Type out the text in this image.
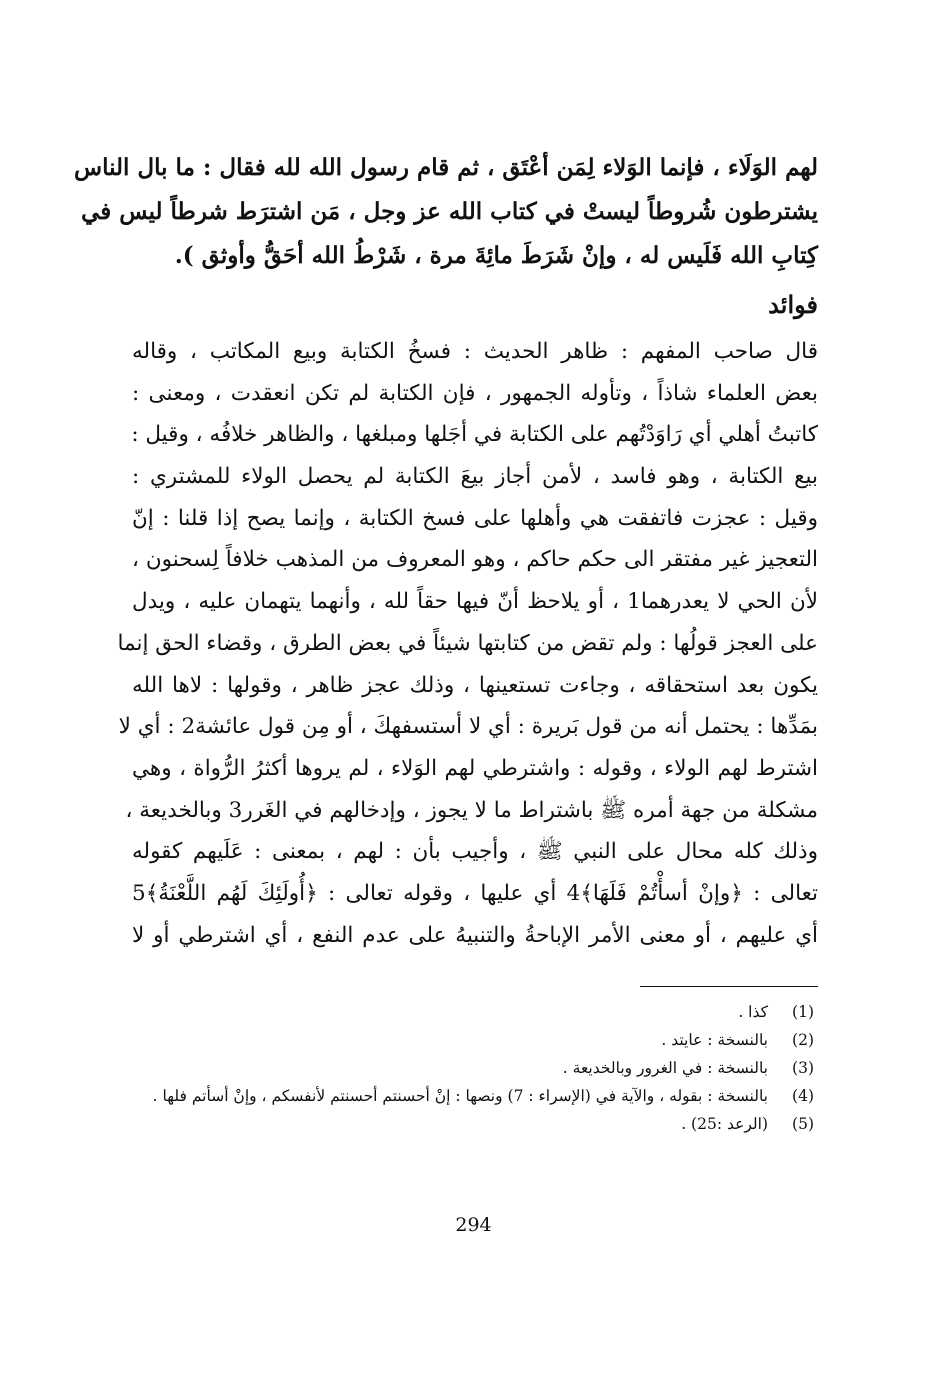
لهم الوَلَاء ، فإنما الوَلاء لِمَن أعْتَق ، ثم قام رسول الله لله فقال : ما بال الناس
يشترطون شُروطاً ليستْ في كتاب الله عز وجل ، مَن اشترَط شرطاً ليس في
كِتابِ الله فَلَيس له ، وإنْ شَرَطَ مائِةَ مرة ، شَرْطُ الله أحَقُّ وأوثق ).
فوائد
قال صاحب المفهم : ظاهر الحديث : فسخُ الكتابة وبيع المكاتب ، وقاله
بعض العلماء شاذاً ، وتأوله الجمهور ، فإن الكتابة لم تكن انعقدت ، ومعنى :
كاتبتُ أهلي أي رَاوَدْتُهم على الكتابة في أجَلها ومبلغها ، والظاهر خلافُه ، وقيل :
بيع الكتابة ، وهو فاسد ، لأمن أجاز بيعَ الكتابة لم يحصل الولاء للمشتري :
وقيل : عجزت فاتفقت هي وأهلها على فسخ الكتابة ، وإنما يصح إذا قلنا : إنّ
التعجيز غير مفتقر الى حكم حاكم ، وهو المعروف من المذهب خلافاً لِسحنون ،
لأن الحي لا يعدرهما1 ، أو يلاحظ أنّ فيها حقاً لله ، وأنهما يتهمان عليه ، ويدل
على العجز قولُها : ولم تقض من كتابتها شيئاً في بعض الطرق ، وقضاء الحق إنما
يكون بعد استحقاقه ، وجاءت تستعينها ، وذلك عجز ظاهر ، وقولها : لاها الله
بمَدِّها : يحتمل أنه من قول بَريرة : أي لا أستسفهكَ ، أو مِن قول عائشة2 : أي لا
اشترط لهم الولاء ، وقوله : واشترطي لهم الوَلاء ، لم يروها أكثرُ الرُّواة ، وهي
مشكلة من جهة أمره ﷺ باشتراط ما لا يجوز ، وإدخالهم في الغَرر3 وبالخديعة ،
وذلك كله محال على النبي ﷺ ، وأجيب بأن : لهم ، بمعنى : عَلَيهم كقوله
تعالى : ﴿وإنْ أسأْتُمْ فَلَهَا﴾4 أي عليها ، وقوله تعالى : ﴿أُولَئِكَ لَهُم اللَّعْنَةُ﴾5
أي عليهم ، أو معنى الأمر الإباحةُ والتنبيهُ على عدم النفع ، أي اشترطي أو لا
(1)
كذا .
(2)
بالنسخة : عايتد .
(3)
بالنسخة : في الغرور وبالخديعة .
(4)
بالنسخة : بقوله ، والآية في (الإسراء : 7) ونصها : إنْ أحسنتم أحسنتم لأنفسكم ، وإنْ أسأتم فلها .
(5)
(الرعد :25) .
294
